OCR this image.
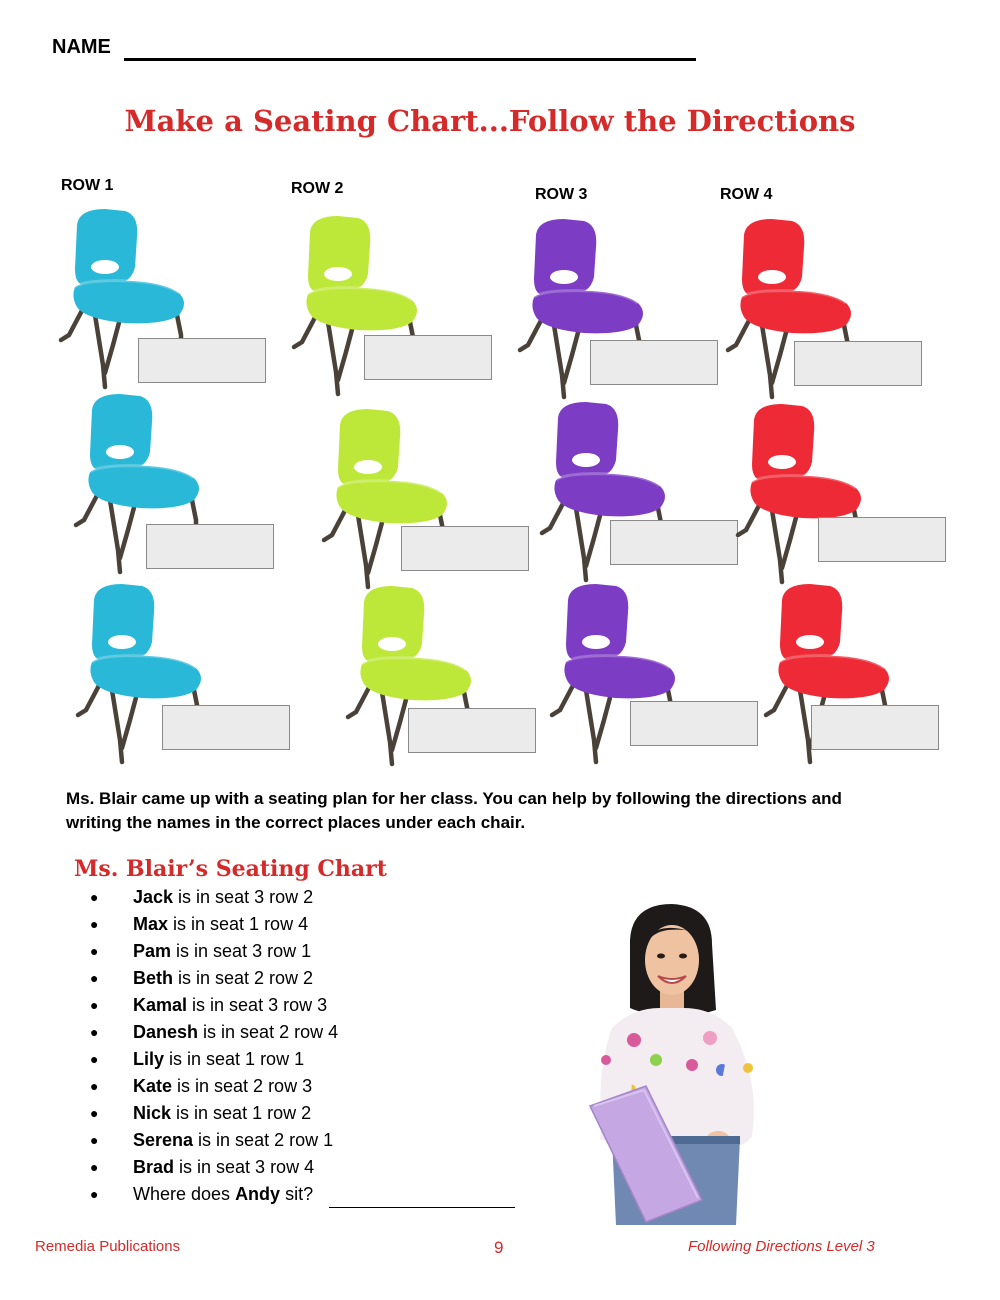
NAME
Make a Seating Chart...Follow the Directions
ROW 1	ROW 2	ROW 3	ROW 4
Ms. Blair came up with a seating plan for her class. You can help by following the directions and writing the names in the correct places under each chair.
Ms. Blair’s Seating Chart
● Jack is in seat 3 row 2
● Max is in seat 1 row 4
● Pam is in seat 3 row 1
● Beth is in seat 2 row 2
● Kamal is in seat 3 row 3
● Danesh is in seat 2 row 4
● Lily is in seat 1 row 1
● Kate is in seat 2 row 3
● Nick is in seat 1 row 2
● Serena is in seat 2 row 1
● Brad is in seat 3 row 4
● Where does Andy sit?
Remedia Publications	9	Following Directions Level 3
